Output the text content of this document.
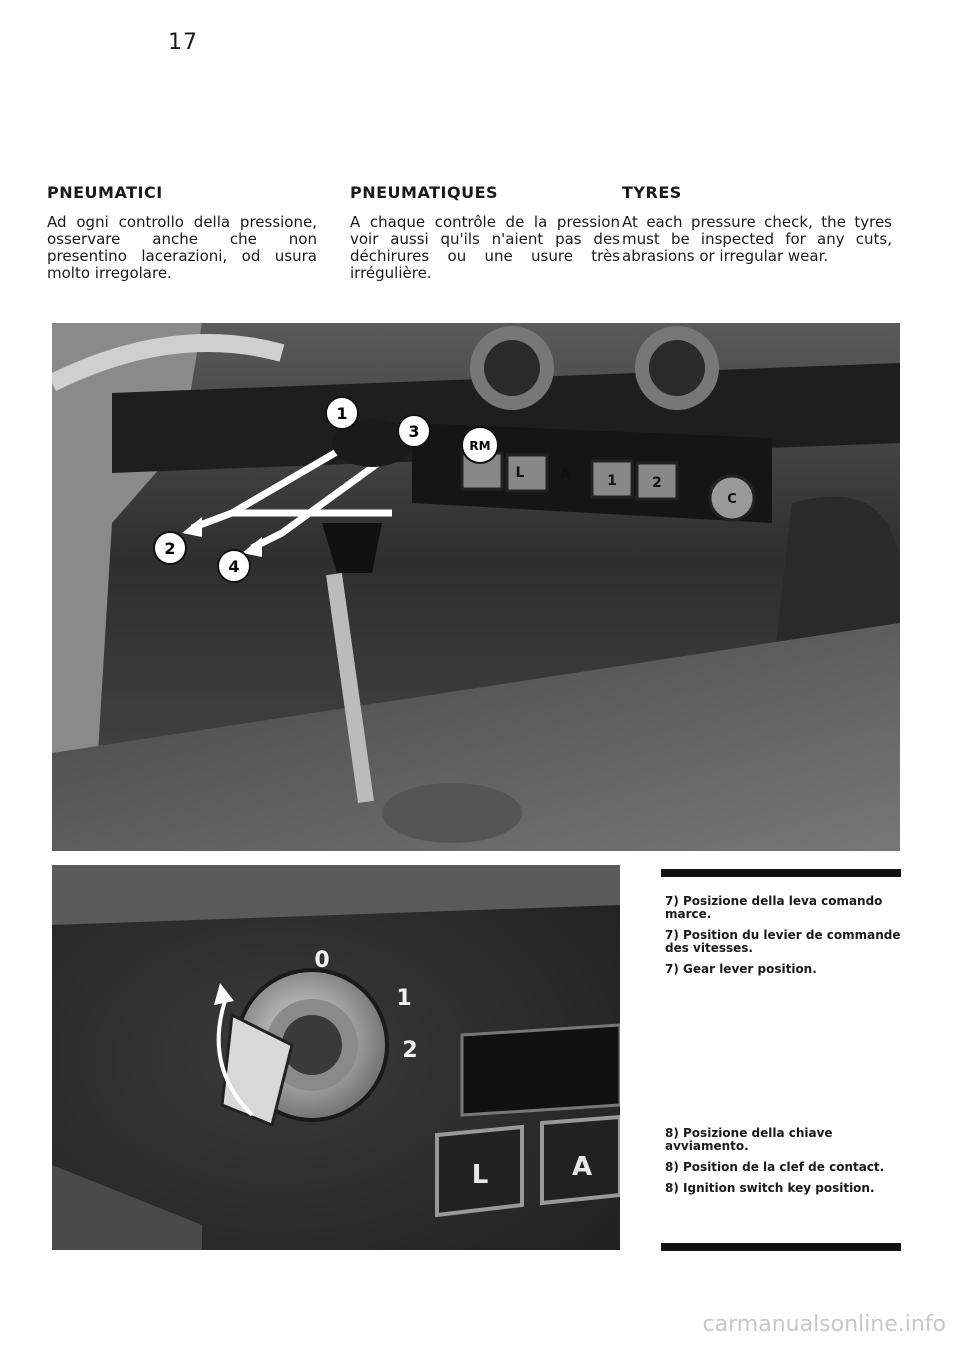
17
PNEUMATICI

Ad ogni controllo della pressione, osservare anche che non presentino lacerazioni, od usura molto irregolare.

PNEUMATIQUES

A chaque contrôle de la pression voir aussi qu'ils n'aient pas des déchirures ou une usure très irrégulière.

TYRES

At each pressure check, the tyres must be inspected for any cuts, abrasions or irregular wear.

1
2
3
4
RM
L	A	1	2
C
0
1
2
L	A

7) Posizione della leva comando marce.

7) Position du levier de commande des vitesses.

7) Gear lever position.

8) Posizione della chiave avviamento.

8) Position de la clef de contact.

8) Ignition switch key position.

carmanualsonline.info
